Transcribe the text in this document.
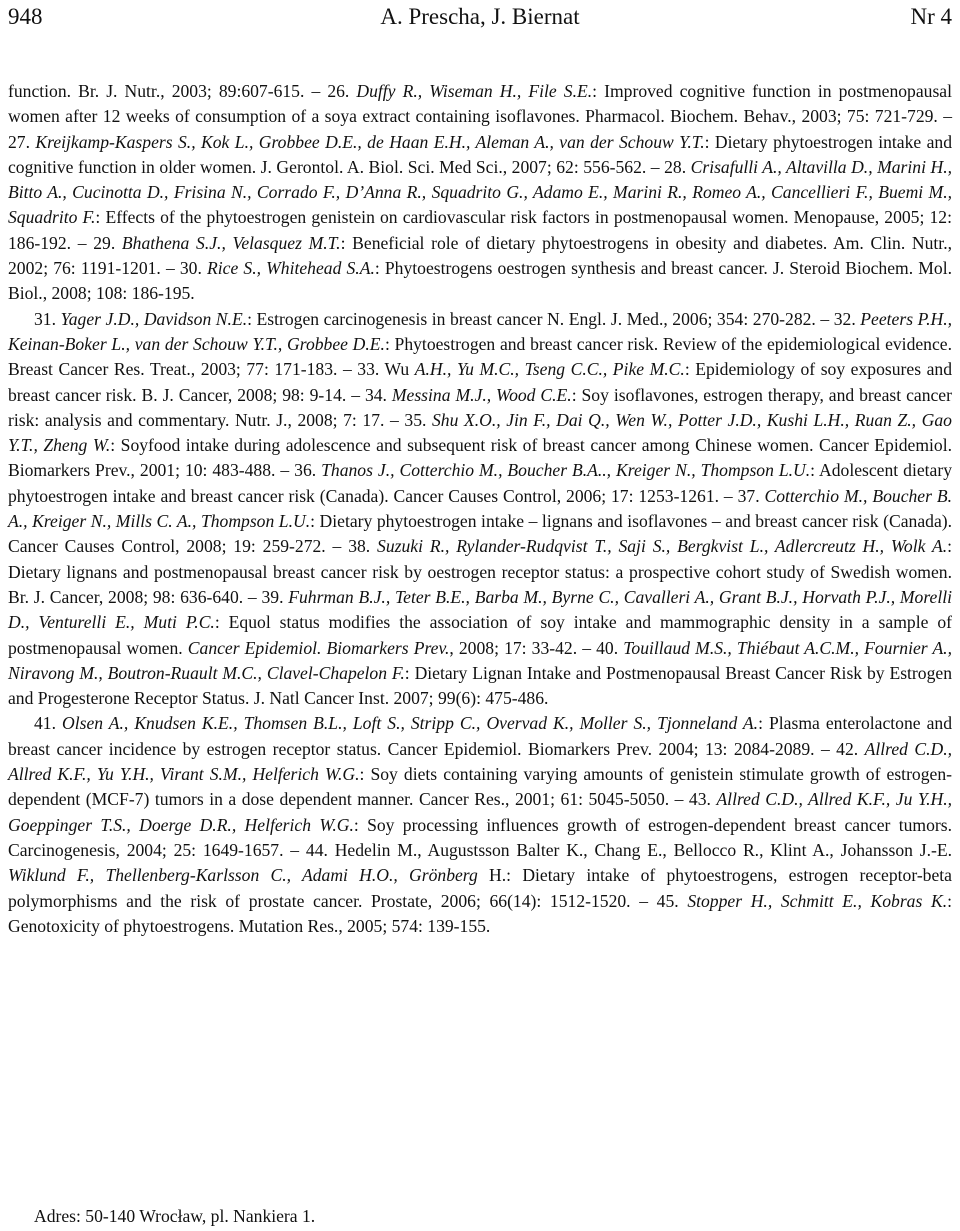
948	A. Prescha, J. Biernat	Nr 4

function. Br. J. Nutr., 2003; 89:607-615. – 26. Duffy R., Wiseman H., File S.E.: Improved cognitive function in postmenopausal women after 12 weeks of consumption of a soya extract containing isoflavones. Pharmacol. Biochem. Behav., 2003; 75: 721-729. – 27. Kreijkamp-Kaspers S., Kok L., Grobbee D.E., de Haan E.H., Aleman A., van der Schouw Y.T.: Dietary phytoestrogen intake and cognitive function in older women. J. Gerontol. A. Biol. Sci. Med Sci., 2007; 62: 556-562. – 28. Crisafulli A., Altavilla D., Marini H., Bitto A., Cucinotta D., Frisina N., Corrado F., D’Anna R., Squadrito G., Adamo E., Marini R., Romeo A., Cancellieri F., Buemi M., Squadrito F.: Effects of the phytoestrogen genistein on cardiovascular risk factors in postmenopausal women. Menopause, 2005; 12: 186-192. – 29. Bhathena S.J., Velasquez M.T.: Beneficial role of dietary phytoestrogens in obesity and diabetes. Am. Clin. Nutr., 2002; 76: 1191-1201. – 30. Rice S., Whitehead S.A.: Phytoestrogens oestrogen synthesis and breast cancer. J. Steroid Biochem. Mol. Biol., 2008; 108: 186-195.

31. Yager J.D., Davidson N.E.: Estrogen carcinogenesis in breast cancer N. Engl. J. Med., 2006; 354: 270-282. – 32. Peeters P.H., Keinan-Boker L., van der Schouw Y.T., Grobbee D.E.: Phytoestrogen and breast cancer risk. Review of the epidemiological evidence. Breast Cancer Res. Treat., 2003; 77: 171-183. – 33. Wu A.H., Yu M.C., Tseng C.C., Pike M.C.: Epidemiology of soy exposures and breast cancer risk. B. J. Cancer, 2008; 98: 9-14. – 34. Messina M.J., Wood C.E.: Soy isoflavones, estrogen therapy, and breast cancer risk: analysis and commentary. Nutr. J., 2008; 7: 17. – 35. Shu X.O., Jin F., Dai Q., Wen W., Potter J.D., Kushi L.H., Ruan Z., Gao Y.T., Zheng W.: Soyfood intake during adolescence and subsequent risk of breast cancer among Chinese women. Cancer Epidemiol. Biomarkers Prev., 2001; 10: 483-488. – 36. Thanos J., Cotterchio M., Boucher B.A.., Kreiger N., Thompson L.U.: Adolescent dietary phytoestrogen intake and breast cancer risk (Canada). Cancer Causes Control, 2006; 17: 1253-1261. – 37. Cotterchio M., Boucher B. A., Kreiger N., Mills C. A., Thompson L.U.: Dietary phytoestrogen intake – lignans and isoflavones – and breast cancer risk (Canada). Cancer Causes Control, 2008; 19: 259-272. – 38. Suzuki R., Rylander-Rudqvist T., Saji S., Bergkvist L., Adlercreutz H., Wolk A.: Dietary lignans and postmenopausal breast cancer risk by oestrogen receptor status: a prospective cohort study of Swedish women. Br. J. Cancer, 2008; 98: 636-640. – 39. Fuhrman B.J., Teter B.E., Barba M., Byrne C., Cavalleri A., Grant B.J., Horvath P.J., Morelli D., Venturelli E., Muti P.C.: Equol status modifies the association of soy intake and mammographic density in a sample of postmenopausal women. Cancer Epidemiol. Biomarkers Prev., 2008; 17: 33-42. – 40. Touillaud M.S., Thiébaut A.C.M., Fournier A., Niravong M., Boutron-Ruault M.C., Clavel-Chapelon F.: Dietary Lignan Intake and Postmenopausal Breast Cancer Risk by Estrogen and Progesterone Receptor Status. J. Natl Cancer Inst. 2007; 99(6): 475-486.

41. Olsen A., Knudsen K.E., Thomsen B.L., Loft S., Stripp C., Overvad K., Moller S., Tjonneland A.: Plasma enterolactone and breast cancer incidence by estrogen receptor status. Cancer Epidemiol. Biomarkers Prev. 2004; 13: 2084-2089. – 42. Allred C.D., Allred K.F., Yu Y.H., Virant S.M., Helferich W.G.: Soy diets containing varying amounts of genistein stimulate growth of estrogen-dependent (MCF-7) tumors in a dose dependent manner. Cancer Res., 2001; 61: 5045-5050. – 43. Allred C.D., Allred K.F., Ju Y.H., Goeppinger T.S., Doerge D.R., Helferich W.G.: Soy processing influences growth of estrogen-dependent breast cancer tumors. Carcinogenesis, 2004; 25: 1649-1657. – 44. Hedelin M., Augustsson Balter K., Chang E., Bellocco R., Klint A., Johansson J.-E. Wiklund F., Thellenberg-Karlsson C., Adami H.O., Grönberg H.: Dietary intake of phytoestrogens, estrogen receptor-beta polymorphisms and the risk of prostate cancer. Prostate, 2006; 66(14): 1512-1520. – 45. Stopper H., Schmitt E., Kobras K.: Genotoxicity of phytoestrogens. Mutation Res., 2005; 574: 139-155.

Adres: 50-140 Wrocław, pl. Nankiera 1.
